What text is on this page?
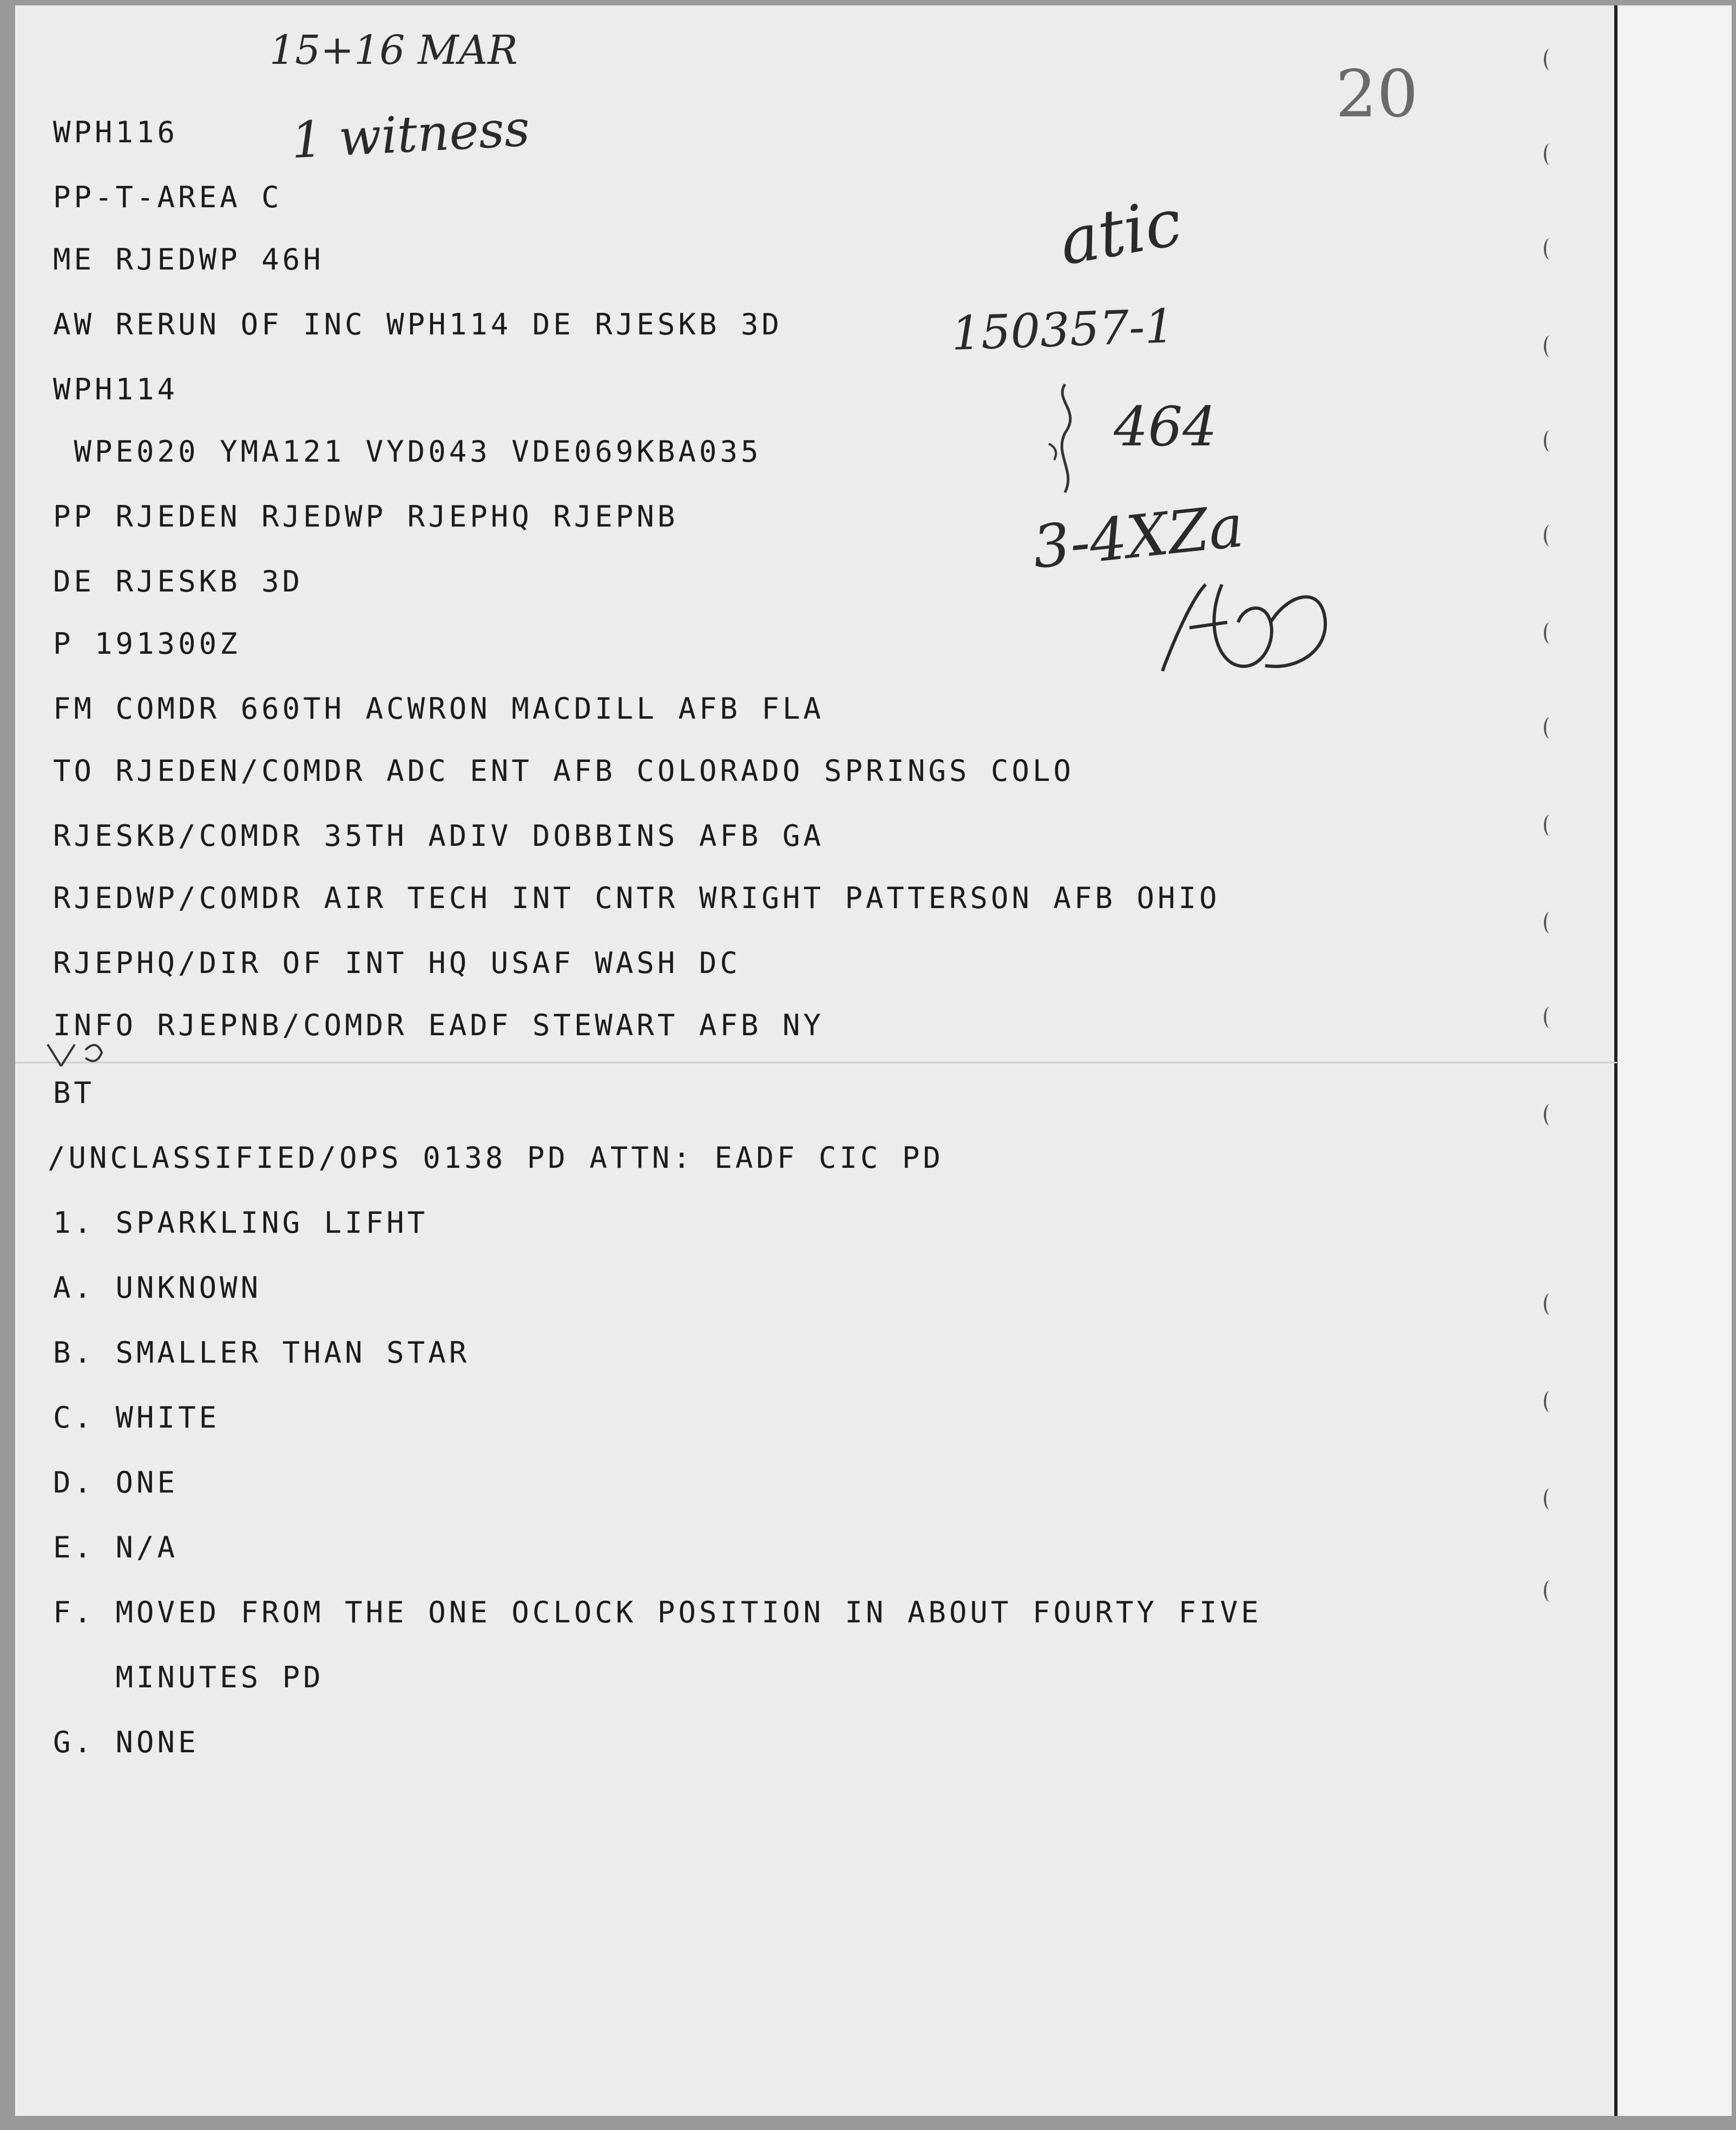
15+16 MAR
1 witness
20
atic
150357-1
464
3-4XZa
WPH116
PP-T-AREA C
ME RJEDWP 46H
AW RERUN OF INC WPH114 DE RJESKB 3D
WPH114
WPE020 YMA121 VYD043 VDE069KBA035
PP RJEDEN RJEDWP RJEPHQ RJEPNB
DE RJESKB 3D
P 191300Z
FM COMDR 660TH ACWRON MACDILL AFB FLA
TO RJEDEN/COMDR ADC ENT AFB COLORADO SPRINGS COLO
RJESKB/COMDR 35TH ADIV DOBBINS AFB GA
RJEDWP/COMDR AIR TECH INT CNTR WRIGHT PATTERSON AFB OHIO
RJEPHQ/DIR OF INT HQ USAF WASH DC
INFO RJEPNB/COMDR EADF STEWART AFB NY
BT
/UNCLASSIFIED/OPS 0138 PD ATTN: EADF CIC PD
1. SPARKLING LIFHT
A. UNKNOWN
B. SMALLER THAN STAR
C. WHITE
D. ONE
E. N/A
F. MOVED FROM THE ONE OCLOCK POSITION IN ABOUT FOURTY FIVE
MINUTES PD
G. NONE
